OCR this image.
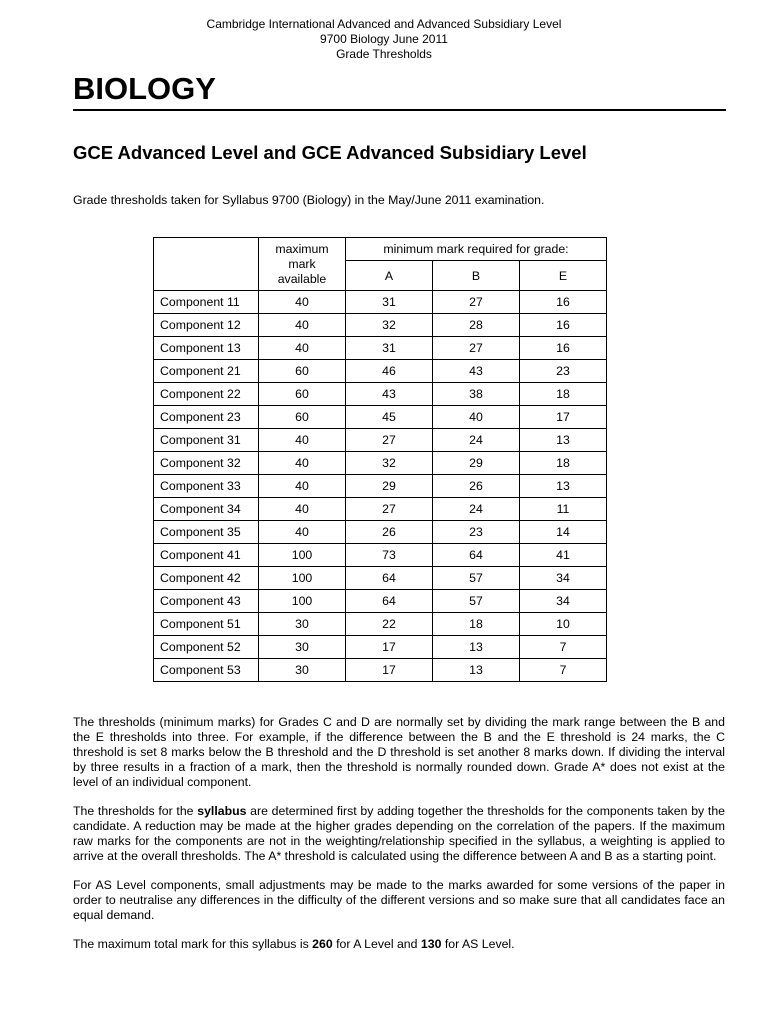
Cambridge International Advanced and Advanced Subsidiary Level
9700 Biology June 2011
Grade Thresholds
BIOLOGY
GCE Advanced Level and GCE Advanced Subsidiary Level

Grade thresholds taken for Syllabus 9700 (Biology) in the May/June 2011 examination.

	maximum
mark
available	minimum mark required for grade:		
		A	B	E
Component 11	40	31	27	16
Component 12	40	32	28	16
Component 13	40	31	27	16
Component 21	60	46	43	23
Component 22	60	43	38	18
Component 23	60	45	40	17
Component 31	40	27	24	13
Component 32	40	32	29	18
Component 33	40	29	26	13
Component 34	40	27	24	11
Component 35	40	26	23	14
Component 41	100	73	64	41
Component 42	100	64	57	34
Component 43	100	64	57	34
Component 51	30	22	18	10
Component 52	30	17	13	7
Component 53	30	17	13	7

The thresholds (minimum marks) for Grades C and D are normally set by dividing the mark range between the B and the E thresholds into three. For example, if the difference between the B and the E threshold is 24 marks, the C threshold is set 8 marks below the B threshold and the D threshold is set another 8 marks down. If dividing the interval by three results in a fraction of a mark, then the threshold is normally rounded down. Grade A* does not exist at the level of an individual component.

The thresholds for the syllabus are determined first by adding together the thresholds for the components taken by the candidate. A reduction may be made at the higher grades depending on the correlation of the papers. If the maximum raw marks for the components are not in the weighting/relationship specified in the syllabus, a weighting is applied to arrive at the overall thresholds. The A* threshold is calculated using the difference between A and B as a starting point.

For AS Level components, small adjustments may be made to the marks awarded for some versions of the paper in order to neutralise any differences in the difficulty of the different versions and so make sure that all candidates face an equal demand.

The maximum total mark for this syllabus is 260 for A Level and 130 for AS Level.
